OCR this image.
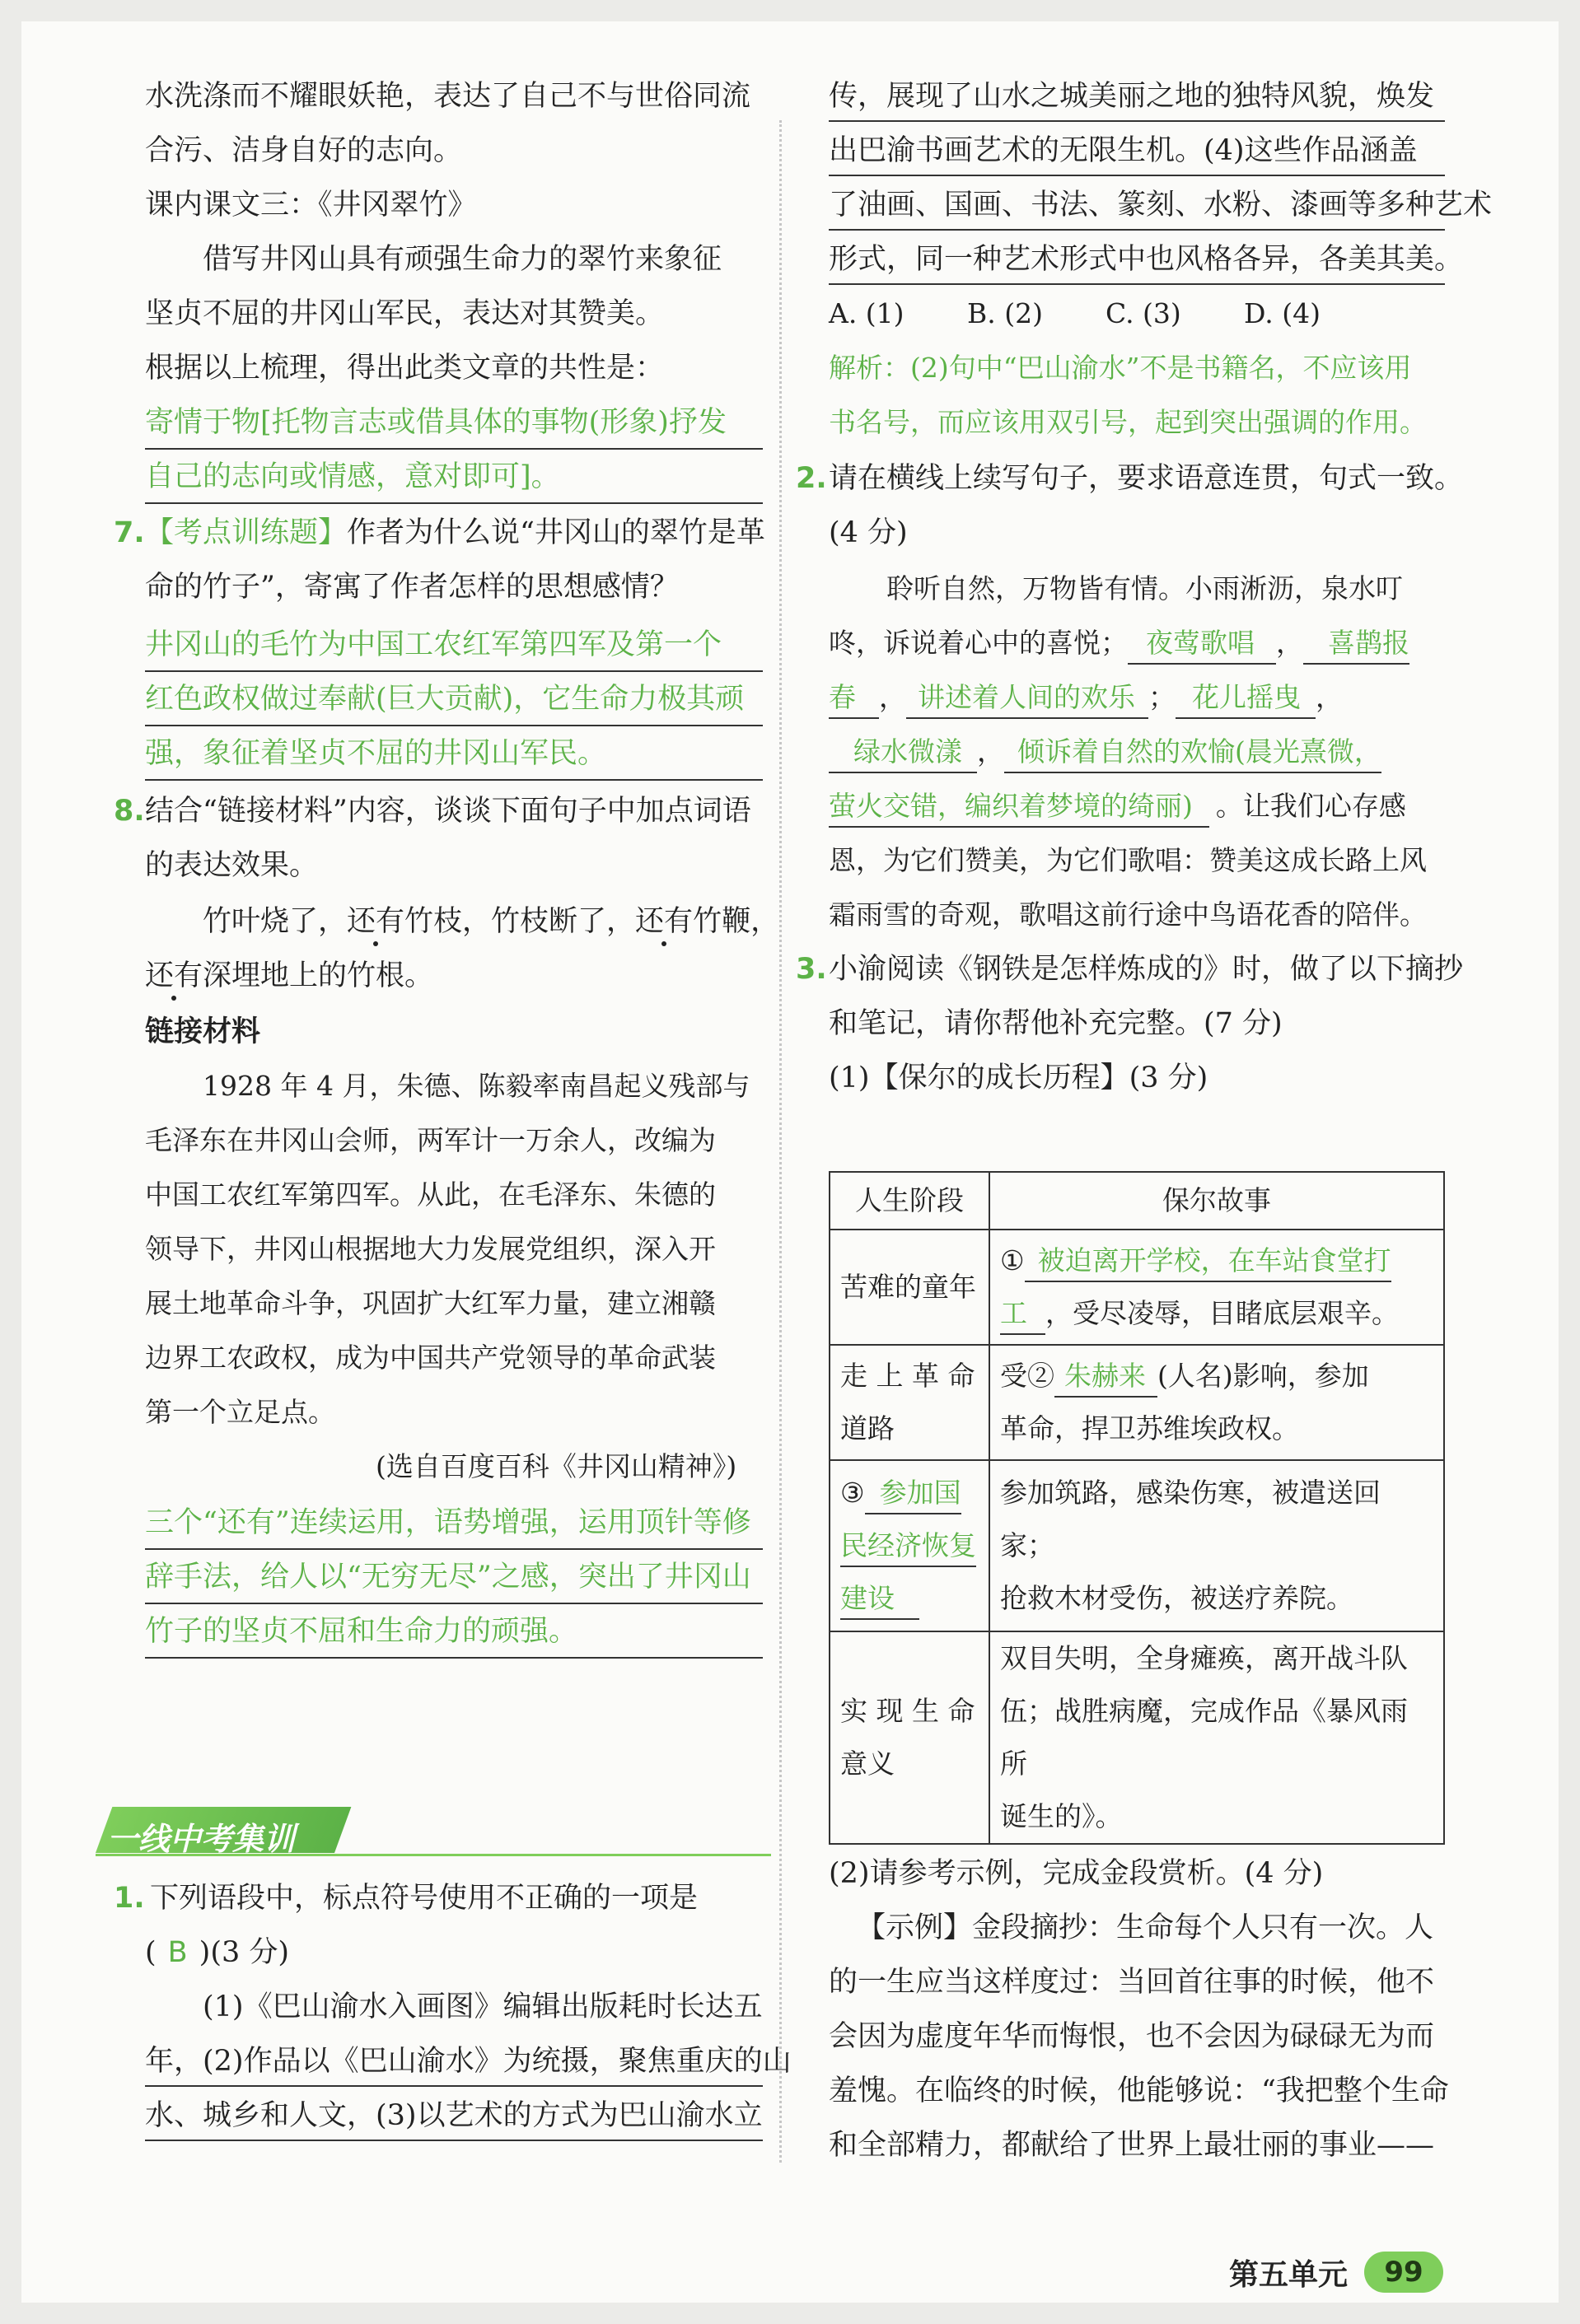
水洗涤而不耀眼妖艳，表达了自己不与世俗同流
合污、洁身自好的志向。
课内课文三：《井冈翠竹》
借写井冈山具有顽强生命力的翠竹来象征
坚贞不屈的井冈山军民，表达对其赞美。
根据以上梳理，得出此类文章的共性是：
寄情于物[托物言志或借具体的事物(形象)抒发
自己的志向或情感，意对即可]。
7. 【考点训练题】作者为什么说“井冈山的翠竹是革
命的竹子”，寄寓了作者怎样的思想感情？
井冈山的毛竹为中国工农红军第四军及第一个
红色政权做过奉献(巨大贡献)，它生命力极其顽
强，象征着坚贞不屈的井冈山军民。
8. 结合“链接材料”内容，谈谈下面句子中加点词语
的表达效果。
竹叶烧了，还有竹枝，竹枝断了，还有竹鞭，
还有深埋地上的竹根。
链接材料
1928 年 4 月，朱德、陈毅率南昌起义残部与
毛泽东在井冈山会师，两军计一万余人，改编为
中国工农红军第四军。从此，在毛泽东、朱德的
领导下，井冈山根据地大力发展党组织，深入开
展土地革命斗争，巩固扩大红军力量，建立湘赣
边界工农政权，成为中国共产党领导的革命武装
第一个立足点。
(选自百度百科《井冈山精神》)
三个“还有”连续运用，语势增强，运用顶针等修
辞手法，给人以“无穷无尽”之感，突出了井冈山
竹子的坚贞不屈和生命力的顽强。
一线中考集训
1. 下列语段中，标点符号使用不正确的一项是
( B )(3 分)
(1)《巴山渝水入画图》编辑出版耗时长达五
年，(2)作品以《巴山渝水》为统摄，聚焦重庆的山
水、城乡和人文，(3)以艺术的方式为巴山渝水立
传，展现了山水之城美丽之地的独特风貌，焕发
出巴渝书画艺术的无限生机。(4)这些作品涵盖
了油画、国画、书法、篆刻、水粉、漆画等多种艺术
形式，同一种艺术形式中也风格各异，各美其美。
A. (1) B. (2) C. (3) D. (4)
解析：(2)句中“巴山渝水”不是书籍名，不应该用
书名号，而应该用双引号，起到突出强调的作用。
2. 请在横线上续写句子，要求语意连贯，句式一致。
(4 分)
聆听自然，万物皆有情。小雨淅沥，泉水叮
咚，诉说着心中的喜悦； 夜莺歌唱 ， 喜鹊报
春 ， 讲述着人间的欢乐 ； 花儿摇曳 ，
绿水微漾 ， 倾诉着自然的欢愉(晨光熹微，
萤火交错，编织着梦境的绮丽) 。让我们心存感
恩，为它们赞美，为它们歌唱：赞美这成长路上风
霜雨雪的奇观，歌唱这前行途中鸟语花香的陪伴。
3. 小渝阅读《钢铁是怎样炼成的》时，做了以下摘抄
和笔记，请你帮他补充完整。(7 分)
(1)【保尔的成长历程】(3 分)
人生阶段	保尔故事
苦难的童年	① 被迫离开学校，在车站食堂打
工 ，受尽凌辱，目睹底层艰辛。
走 上 革 命
道路	受② 朱赫来 (人名)影响，参加
革命，捍卫苏维埃政权。
③ 参加国
民经济恢复
建设	参加筑路，感染伤寒，被遣送回家；
抢救木材受伤，被送疗养院。
实 现 生 命
意义	双目失明，全身瘫痪，离开战斗队
伍；战胜病魔，完成作品《暴风雨所
诞生的》。
(2)请参考示例，完成金段赏析。(4 分)
【示例】金段摘抄：生命每个人只有一次。人
的一生应当这样度过：当回首往事的时候，他不
会因为虚度年华而悔恨，也不会因为碌碌无为而
羞愧。在临终的时候，他能够说：“我把整个生命
和全部精力，都献给了世界上最壮丽的事业——
第五单元	99
